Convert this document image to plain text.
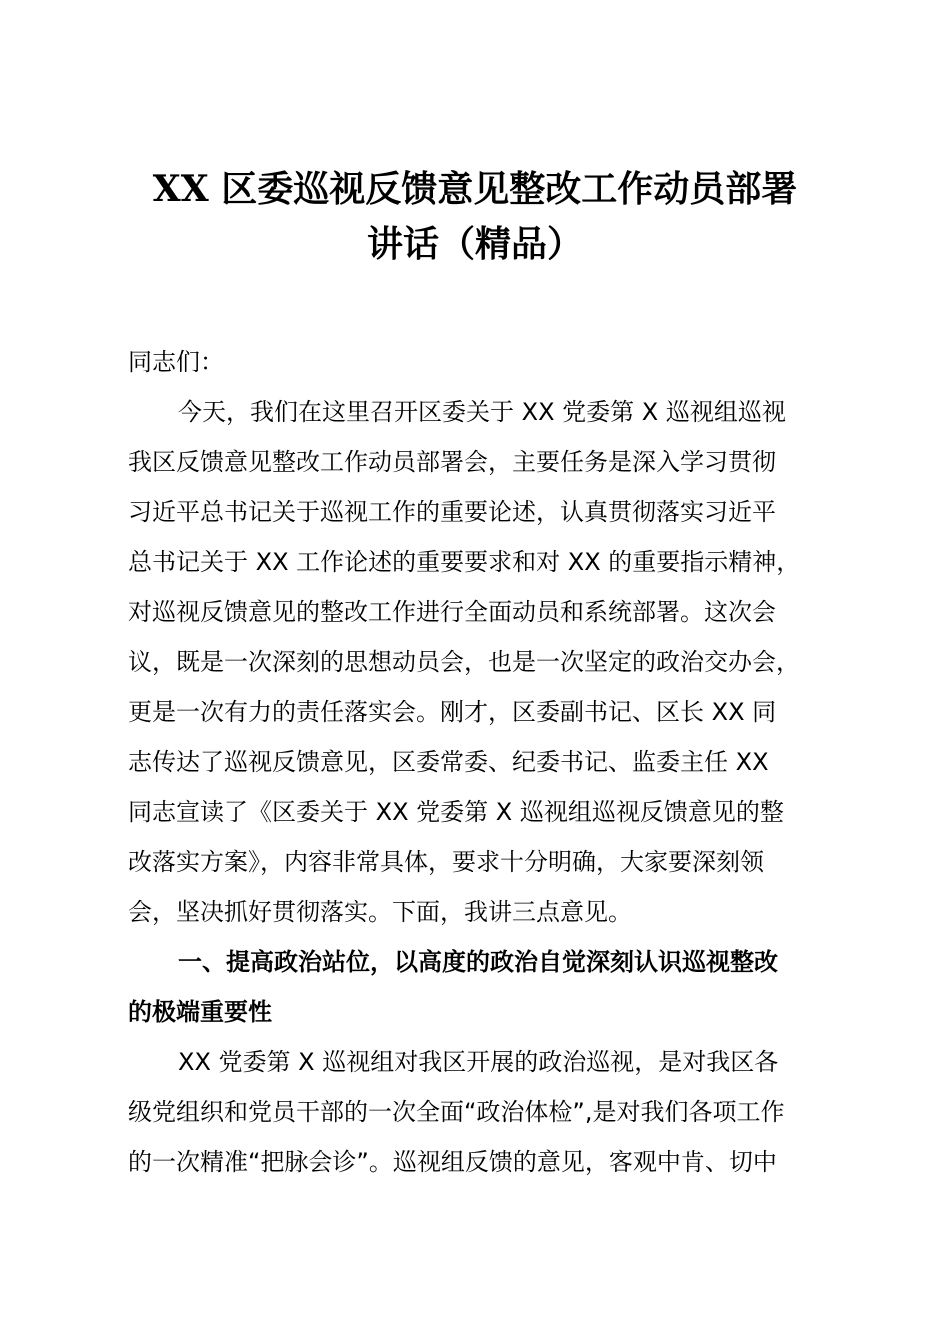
XX 区委巡视反馈意见整改工作动员部署
讲话（精品）
同志们：
今天，我们在这里召开区委关于 XX 党委第 X 巡视组巡视
我区反馈意见整改工作动员部署会，主要任务是深入学习贯彻
习近平总书记关于巡视工作的重要论述，认真贯彻落实习近平
总书记关于 XX 工作论述的重要要求和对 XX 的重要指示精神，
对巡视反馈意见的整改工作进行全面动员和系统部署。这次会
议，既是一次深刻的思想动员会，也是一次坚定的政治交办会，
更是一次有力的责任落实会。刚才，区委副书记、区长 XX 同
志传达了巡视反馈意见，区委常委、纪委书记、监委主任 XX
同志宣读了《区委关于 XX 党委第 X 巡视组巡视反馈意见的整
改落实方案》，内容非常具体，要求十分明确，大家要深刻领
会，坚决抓好贯彻落实。下面，我讲三点意见。
一、提高政治站位，以高度的政治自觉深刻认识巡视整改
的极端重要性
XX 党委第 X 巡视组对我区开展的政治巡视，是对我区各
级党组织和党员干部的一次全面“政治体检”,是对我们各项工作
的一次精准“把脉会诊”。巡视组反馈的意见，客观中肯、切中
